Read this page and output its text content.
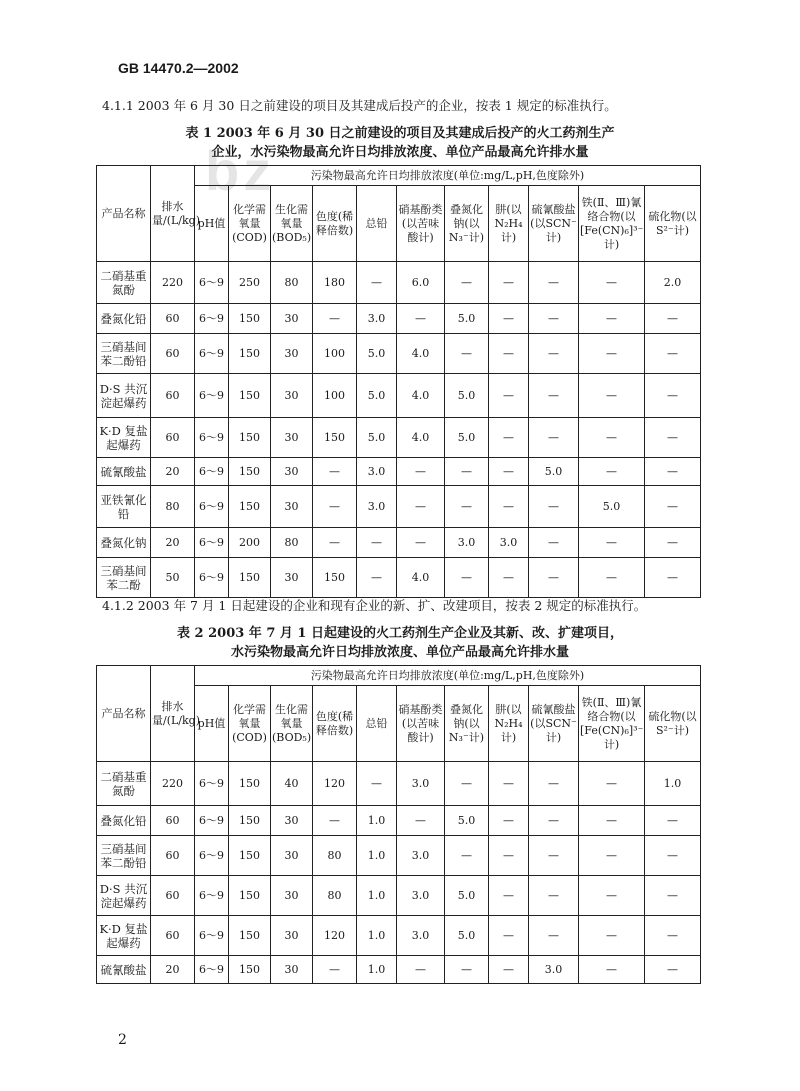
bz
GB 14470.2—2002
4.1.1 2003 年 6 月 30 日之前建设的项目及其建成后投产的企业，按表 1 规定的标准执行。
表 1 2003 年 6 月 30 日之前建设的项目及其建成后投产的火工药剂生产
企业，水污染物最高允许日均排放浓度、单位产品最高允许排水量
产品名称	排水量/(L/kg)	污染物最高允许日均排放浓度(单位:mg/L,pH,色度除外)										
		pH值	化学需氧量(COD)	生化需氧量(BOD₅)	色度(稀释倍数)	总铅	硝基酚类(以苦味酸计)	叠氮化钠(以N₃⁻计)	肼(以N₂H₄计)	硫氰酸盐(以SCN⁻计)	铁(Ⅱ、Ⅲ)氰络合物(以[Fe(CN)₆]³⁻计)	硫化物(以S²⁻计)
二硝基重氮酚	220	6～9	250	80	180	—	6.0	—	—	—	—	2.0
叠氮化铅	60	6～9	150	30	—	3.0	—	5.0	—	—	—	—
三硝基间苯二酚铅	60	6～9	150	30	100	5.0	4.0	—	—	—	—	—
D·S 共沉淀起爆药	60	6～9	150	30	100	5.0	4.0	5.0	—	—	—	—
K·D 复盐起爆药	60	6～9	150	30	150	5.0	4.0	5.0	—	—	—	—
硫氰酸盐	20	6～9	150	30	—	3.0	—	—	—	5.0	—	—
亚铁氰化铅	80	6～9	150	30	—	3.0	—	—	—	—	5.0	—
叠氮化钠	20	6～9	200	80	—	—	—	3.0	3.0	—	—	—
三硝基间苯二酚	50	6～9	150	30	150	—	4.0	—	—	—	—	—
4.1.2 2003 年 7 月 1 日起建设的企业和现有企业的新、扩、改建项目，按表 2 规定的标准执行。
表 2 2003 年 7 月 1 日起建设的火工药剂生产企业及其新、改、扩建项目，
水污染物最高允许日均排放浓度、单位产品最高允许排水量
产品名称	排水量/(L/kg)	污染物最高允许日均排放浓度(单位:mg/L,pH,色度除外)										
		pH值	化学需氧量(COD)	生化需氧量(BOD₅)	色度(稀释倍数)	总铅	硝基酚类(以苦味酸计)	叠氮化钠(以N₃⁻计)	肼(以N₂H₄计)	硫氰酸盐(以SCN⁻计)	铁(Ⅱ、Ⅲ)氰络合物(以[Fe(CN)₆]³⁻计)	硫化物(以S²⁻计)
二硝基重氮酚	220	6～9	150	40	120	—	3.0	—	—	—	—	1.0
叠氮化铅	60	6～9	150	30	—	1.0	—	5.0	—	—	—	—
三硝基间苯二酚铅	60	6～9	150	30	80	1.0	3.0	—	—	—	—	—
D·S 共沉淀起爆药	60	6～9	150	30	80	1.0	3.0	5.0	—	—	—	—
K·D 复盐起爆药	60	6～9	150	30	120	1.0	3.0	5.0	—	—	—	—
硫氰酸盐	20	6～9	150	30	—	1.0	—	—	—	3.0	—	—
2
